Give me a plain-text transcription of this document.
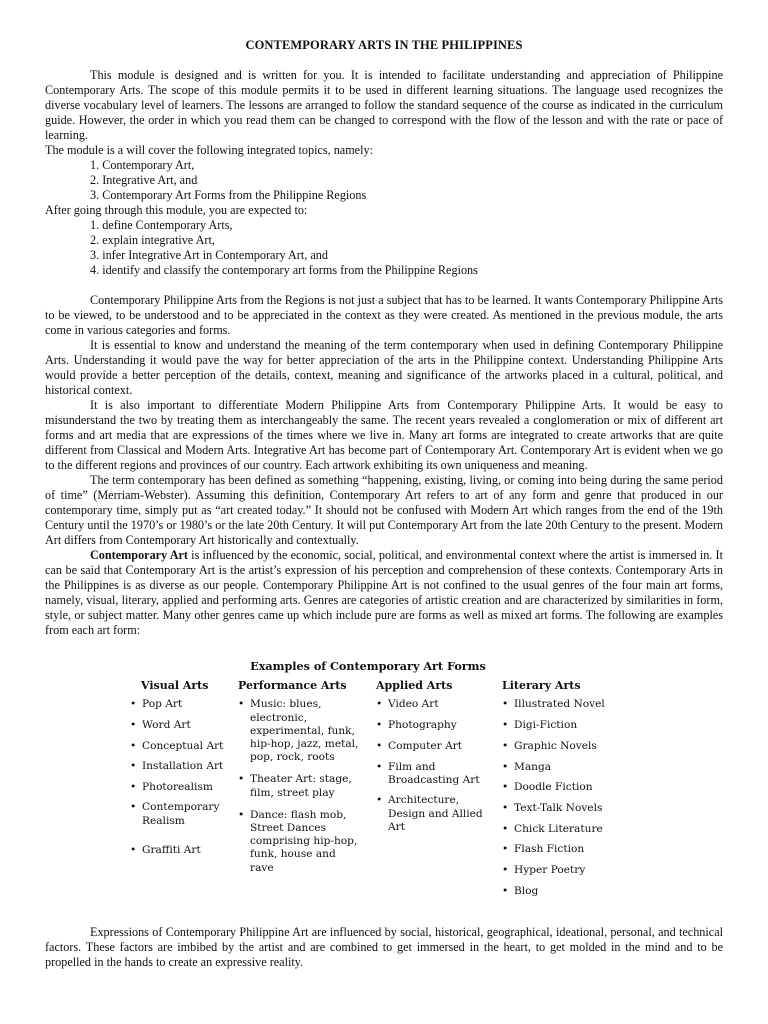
CONTEMPORARY ARTS IN THE PHILIPPINES

This module is designed and is written for you. It is intended to facilitate understanding and appreciation of Philippine Contemporary Arts. The scope of this module permits it to be used in different learning situations. The language used recognizes the diverse vocabulary level of learners. The lessons are arranged to follow the standard sequence of the course as indicated in the curriculum guide. However, the order in which you read them can be changed to correspond with the flow of the lesson and with the rate or pace of learning.

The module is a will cover the following integrated topics, namely:

1. Contemporary Art,
2. Integrative Art, and
3. Contemporary Art Forms from the Philippine Regions

After going through this module, you are expected to:

1. define Contemporary Arts,
2. explain integrative Art,
3. infer Integrative Art in Contemporary Art, and
4. identify and classify the contemporary art forms from the Philippine Regions

Contemporary Philippine Arts from the Regions is not just a subject that has to be learned. It wants Contemporary Philippine Arts to be viewed, to be understood and to be appreciated in the context as they were created. As mentioned in the previous module, the arts come in various categories and forms.

It is essential to know and understand the meaning of the term contemporary when used in defining Contemporary Philippine Arts. Understanding it would pave the way for better appreciation of the arts in the Philippine context. Understanding Philippine Arts would provide a better perception of the details, context, meaning and significance of the artworks placed in a cultural, political, and historical context.

It is also important to differentiate Modern Philippine Arts from Contemporary Philippine Arts. It would be easy to misunderstand the two by treating them as interchangeably the same. The recent years revealed a conglomeration or mix of different art forms and art media that are expressions of the times where we live in. Many art forms are integrated to create artworks that are quite different from Classical and Modern Arts. Integrative Art has become part of Contemporary Art. Contemporary Art is evident when we go to the different regions and provinces of our country. Each artwork exhibiting its own uniqueness and meaning.

The term contemporary has been defined as something “happening, existing, living, or coming into being during the same period of time” (Merriam-Webster). Assuming this definition, Contemporary Art refers to art of any form and genre that produced in our contemporary time, simply put as “art created today.” It should not be confused with Modern Art which ranges from the end of the 19th Century until the 1970’s or 1980’s or the late 20th Century. It will put Contemporary Art from the late 20th Century to the present. Modern Art differs from Contemporary Art historically and contextually.

Contemporary Art is influenced by the economic, social, political, and environmental context where the artist is immersed in. It can be said that Contemporary Art is the artist’s expression of his perception and comprehension of these contexts. Contemporary Arts in the Philippines is as diverse as our people. Contemporary Philippine Art is not confined to the usual genres of the four main art forms, namely, visual, literary, applied and performing arts. Genres are categories of artistic creation and are characterized by similarities in form, style, or subject matter. Many other genres came up which include pure are forms as well as mixed art forms. The following are examples from each art form:

Examples of Contemporary Art Forms
Visual Arts
• Pop Art
• Word Art
• Conceptual Art
• Installation Art
• Photorealism
• Contemporary Realism
• Graffiti Art
Performance Arts
• Music: blues, electronic, experimental, funk, hip-hop, jazz, metal, pop, rock, roots
• Theater Art: stage, film, street play
• Dance: flash mob, Street Dances comprising hip-hop, funk, house and rave
Applied Arts
• Video Art
• Photography
• Computer Art
• Film and Broadcasting Art
• Architecture, Design and Allied Art
Literary Arts
• Illustrated Novel
• Digi-Fiction
• Graphic Novels
• Manga
• Doodle Fiction
• Text-Talk Novels
• Chick Literature
• Flash Fiction
• Hyper Poetry
• Blog

Expressions of Contemporary Philippine Art are influenced by social, historical, geographical, ideational, personal, and technical factors. These factors are imbibed by the artist and are combined to get immersed in the heart, to get molded in the mind and to be propelled in the hands to create an expressive reality.
